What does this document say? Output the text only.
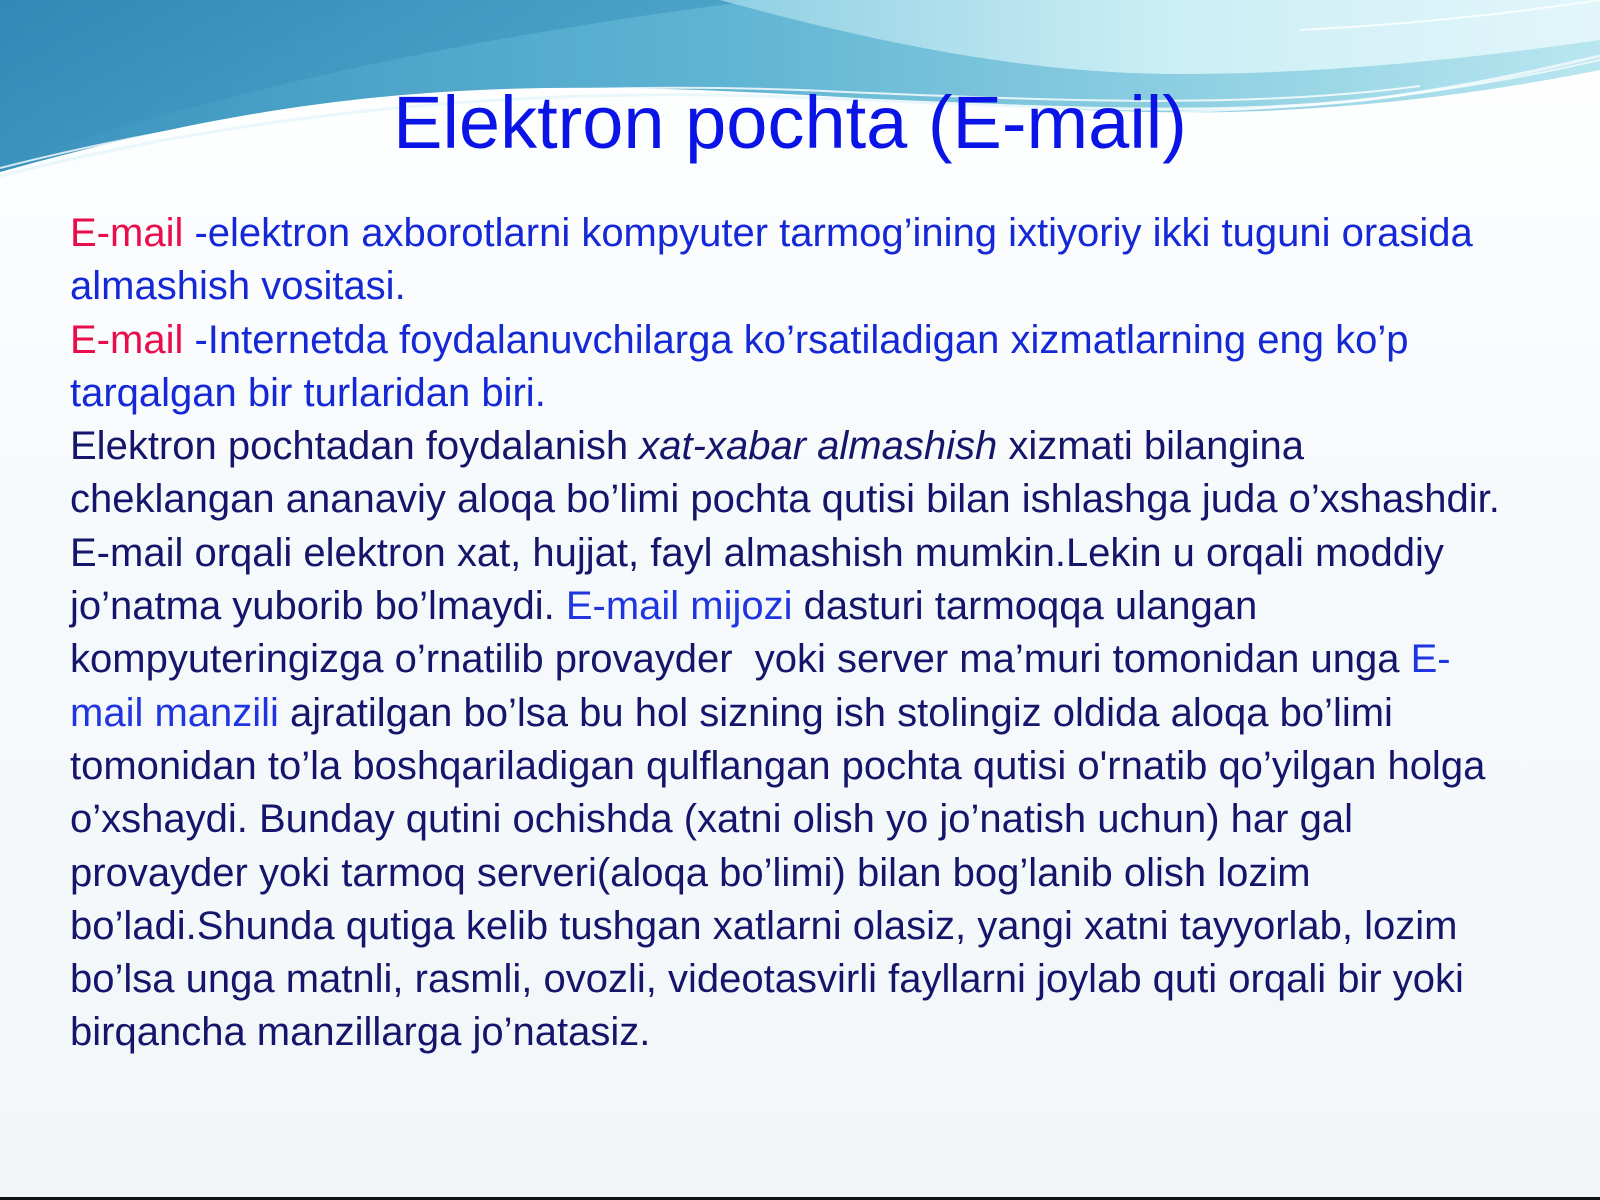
Elektron pochta (E-mail)

E-mail -elektron axborotlarni kompyuter tarmog’ining ixtiyoriy ikki tuguni orasida almashish vositasi.
E-mail -Internetda foydalanuvchilarga ko’rsatiladigan xizmatlarning eng ko’p tarqalgan bir turlaridan biri.
Elektron pochtadan foydalanish xat-xabar almashish xizmati bilangina cheklangan ananaviy aloqa bo’limi pochta qutisi bilan ishlashga juda o’xshashdir. E-mail orqali elektron xat, hujjat, fayl almashish mumkin.Lekin u orqali moddiy jo’natma yuborib bo’lmaydi. E-mail mijozi dasturi tarmoqqa ulangan kompyuteringizga o’rnatilib provayder  yoki server ma’muri tomonidan unga E-mail manzili ajratilgan bo’lsa bu hol sizning ish stolingiz oldida aloqa bo’limi tomonidan to’la boshqariladigan qulflangan pochta qutisi o'rnatib qo’yilgan holga o’xshaydi. Bunday qutini ochishda (xatni olish yo jo’natish uchun) har gal  provayder yoki tarmoq serveri(aloqa bo’limi) bilan bog’lanib olish lozim bo’ladi.Shunda qutiga kelib tushgan xatlarni olasiz, yangi xatni tayyorlab, lozim bo’lsa unga matnli, rasmli, ovozli, videotasvirli fayllarni joylab quti orqali bir yoki birqancha manzillarga jo’natasiz.
